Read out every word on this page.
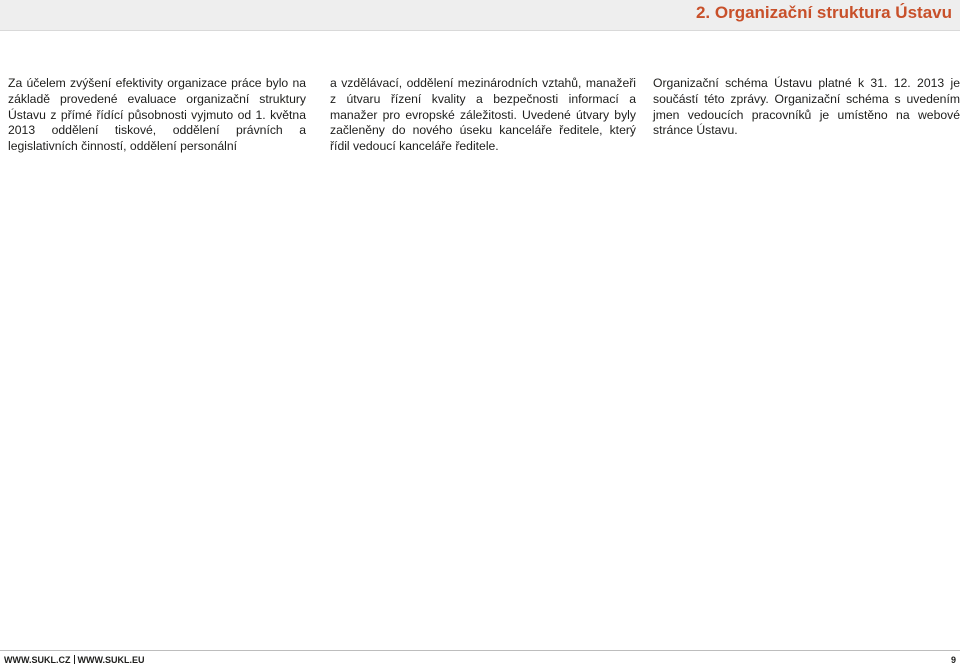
2. Organizační struktura Ústavu
Za účelem zvýšení efektivity organizace práce bylo na základě provedené evaluace organizační struktury Ústavu z přímé řídící působnosti vyjmuto od 1. května 2013 oddělení tiskové, oddělení právních a legislativních činností, oddělení personální
a vzdělávací, oddělení mezinárodních vztahů, manažeři z útvaru řízení kvality a bezpečnosti informací a manažer pro evropské záležitosti. Uvedené útvary byly začleněny do nového úseku kanceláře ředitele, který řídil vedoucí kanceláře ředitele.
Organizační schéma Ústavu platné k 31. 12. 2013 je součástí této zprávy. Organizační schéma s uvedením jmen vedoucích pracovníků je umístěno na webové stránce Ústavu.
WWW.SUKL.CZ WWW.SUKL.EU	9
